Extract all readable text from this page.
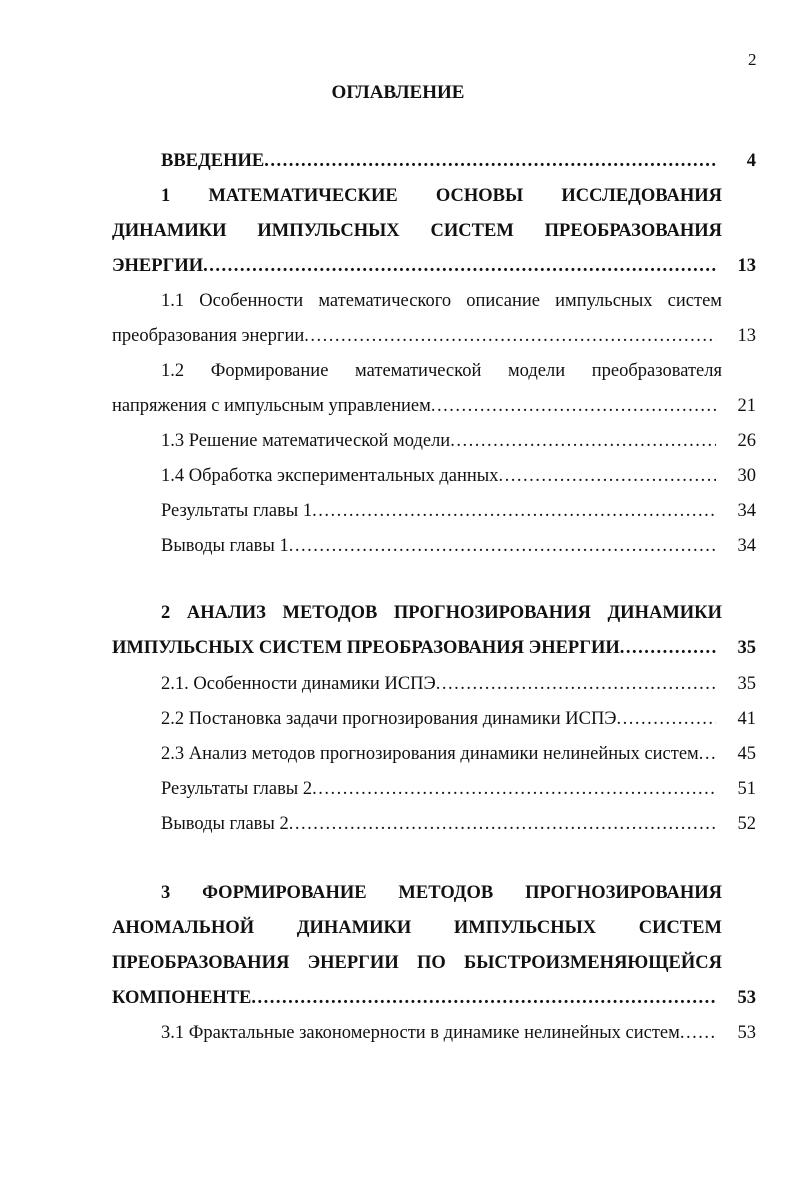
2
ОГЛАВЛЕНИЕ
ВВЕДЕНИЕ .....	4
1 МАТЕМАТИЧЕСКИЕ ОСНОВЫ ИССЛЕДОВАНИЯ
ДИНАМИКИ ИМПУЛЬСНЫХ СИСТЕМ ПРЕОБРАЗОВАНИЯ
ЭНЕРГИИ .....	13
1.1 Особенности математического описание импульсных систем
преобразования энергии .....	13
1.2 Формирование математической модели преобразователя
напряжения с импульсным управлением .....	21
1.3 Решение математической модели .....	26
1.4 Обработка экспериментальных данных .....	30
Результаты главы 1 .....	34
Выводы главы 1 .....	34
2 АНАЛИЗ МЕТОДОВ ПРОГНОЗИРОВАНИЯ ДИНАМИКИ
ИМПУЛЬСНЫХ СИСТЕМ ПРЕОБРАЗОВАНИЯ ЭНЕРГИИ .....	35
2.1. Особенности динамики ИСПЭ .....	35
2.2 Постановка задачи прогнозирования динамики ИСПЭ .....	41
2.3 Анализ методов прогнозирования динамики нелинейных систем .....	45
Результаты главы 2 .....	51
Выводы главы 2 .....	52
3 ФОРМИРОВАНИЕ МЕТОДОВ ПРОГНОЗИРОВАНИЯ
АНОМАЛЬНОЙ ДИНАМИКИ ИМПУЛЬСНЫХ СИСТЕМ
ПРЕОБРАЗОВАНИЯ ЭНЕРГИИ ПО БЫСТРОИЗМЕНЯЮЩЕЙСЯ
КОМПОНЕНТЕ .....	53
3.1 Фрактальные закономерности в динамике нелинейных систем .....	53
